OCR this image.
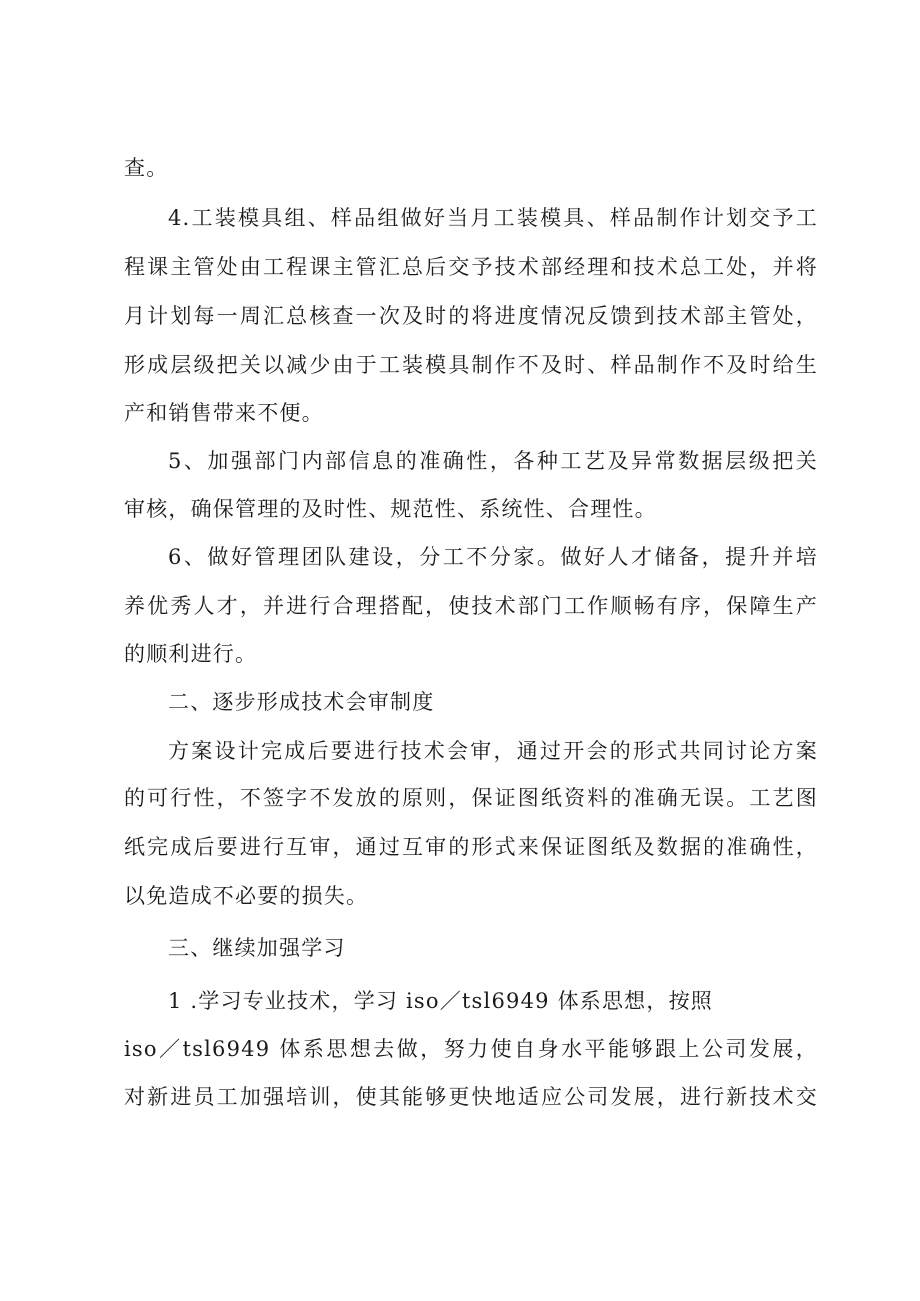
查。
4.工装模具组、样品组做好当月工装模具、样品制作计划交予工
程课主管处由工程课主管汇总后交予技术部经理和技术总工处，并将
月计划每一周汇总核查一次及时的将进度情况反馈到技术部主管处，
形成层级把关以减少由于工装模具制作不及时、样品制作不及时给生
产和销售带来不便。
5、加强部门内部信息的准确性，各种工艺及异常数据层级把关
审核，确保管理的及时性、规范性、系统性、合理性。
6、做好管理团队建设，分工不分家。做好人才储备，提升并培
养优秀人才，并进行合理搭配，使技术部门工作顺畅有序，保障生产
的顺利进行。
二、逐步形成技术会审制度
方案设计完成后要进行技术会审，通过开会的形式共同讨论方案
的可行性，不签字不发放的原则，保证图纸资料的准确无误。工艺图
纸完成后要进行互审，通过互审的形式来保证图纸及数据的准确性，
以免造成不必要的损失。
三、继续加强学习
1 .学习专业技术，学习 iso／tsl6949 体系思想，按照
iso／tsl6949 体系思想去做，努力使自身水平能够跟上公司发展，
对新进员工加强培训，使其能够更快地适应公司发展，进行新技术交
